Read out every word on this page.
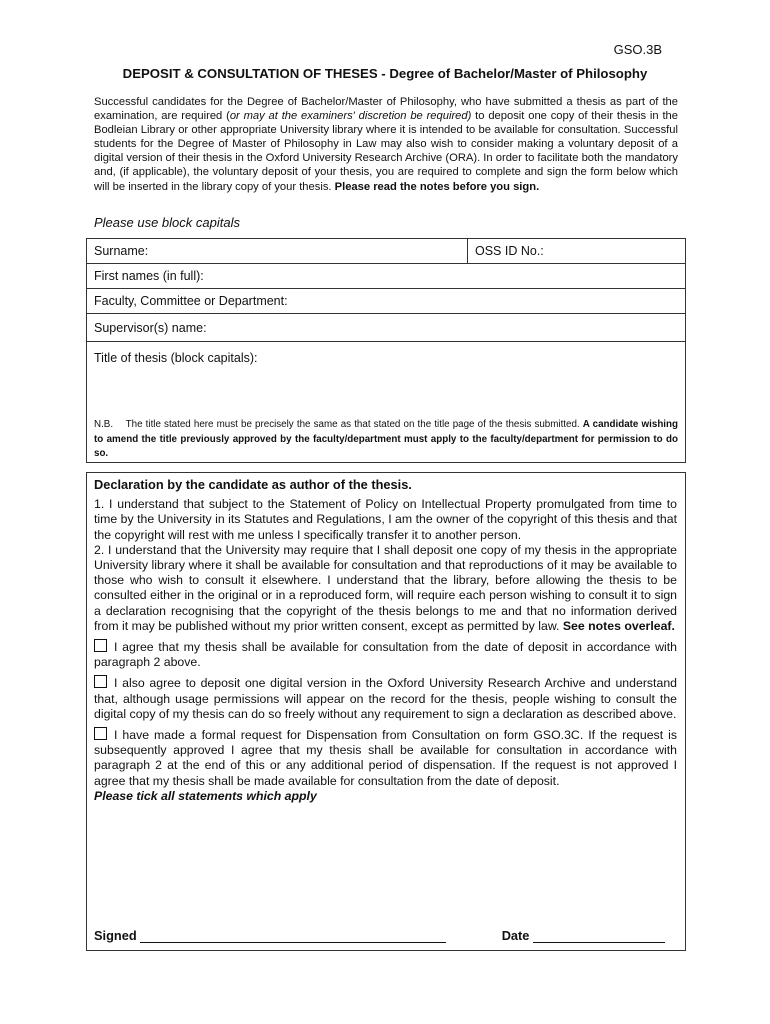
GSO.3B
DEPOSIT & CONSULTATION OF THESES - Degree of Bachelor/Master of Philosophy
Successful candidates for the Degree of Bachelor/Master of Philosophy, who have submitted a thesis as part of the examination, are required (or may at the examiners' discretion be required) to deposit one copy of their thesis in the Bodleian Library or other appropriate University library where it is intended to be available for consultation. Successful students for the Degree of Master of Philosophy in Law may also wish to consider making a voluntary deposit of a digital version of their thesis in the Oxford University Research Archive (ORA). In order to facilitate both the mandatory and, (if applicable), the voluntary deposit of your thesis, you are required to complete and sign the form below which will be inserted in the library copy of your thesis. Please read the notes before you sign.
Please use block capitals
Surname:	OSS ID No.:
First names (in full):
Faculty, Committee or Department:
Supervisor(s) name:
Title of thesis (block capitals):
N.B. The title stated here must be precisely the same as that stated on the title page of the thesis submitted. A candidate wishing to amend the title previously approved by the faculty/department must apply to the faculty/department for permission to do so.
Declaration by the candidate as author of the thesis.

1. I understand that subject to the Statement of Policy on Intellectual Property promulgated from time to time by the University in its Statutes and Regulations, I am the owner of the copyright of this thesis and that the copyright will rest with me unless I specifically transfer it to another person.

2. I understand that the University may require that I shall deposit one copy of my thesis in the appropriate University library where it shall be available for consultation and that reproductions of it may be available to those who wish to consult it elsewhere. I understand that the library, before allowing the thesis to be consulted either in the original or in a reproduced form, will require each person wishing to consult it to sign a declaration recognising that the copyright of the thesis belongs to me and that no information derived from it may be published without my prior written consent, except as permitted by law. See notes overleaf.

I agree that my thesis shall be available for consultation from the date of deposit in accordance with paragraph 2 above.

I also agree to deposit one digital version in the Oxford University Research Archive and understand that, although usage permissions will appear on the record for the thesis, people wishing to consult the digital copy of my thesis can do so freely without any requirement to sign a declaration as described above.

I have made a formal request for Dispensation from Consultation on form GSO.3C. If the request is subsequently approved I agree that my thesis shall be available for consultation in accordance with paragraph 2 at the end of this or any additional period of dispensation. If the request is not approved I agree that my thesis shall be made available for consultation from the date of deposit.

Please tick all statements which apply

Signed	Date
